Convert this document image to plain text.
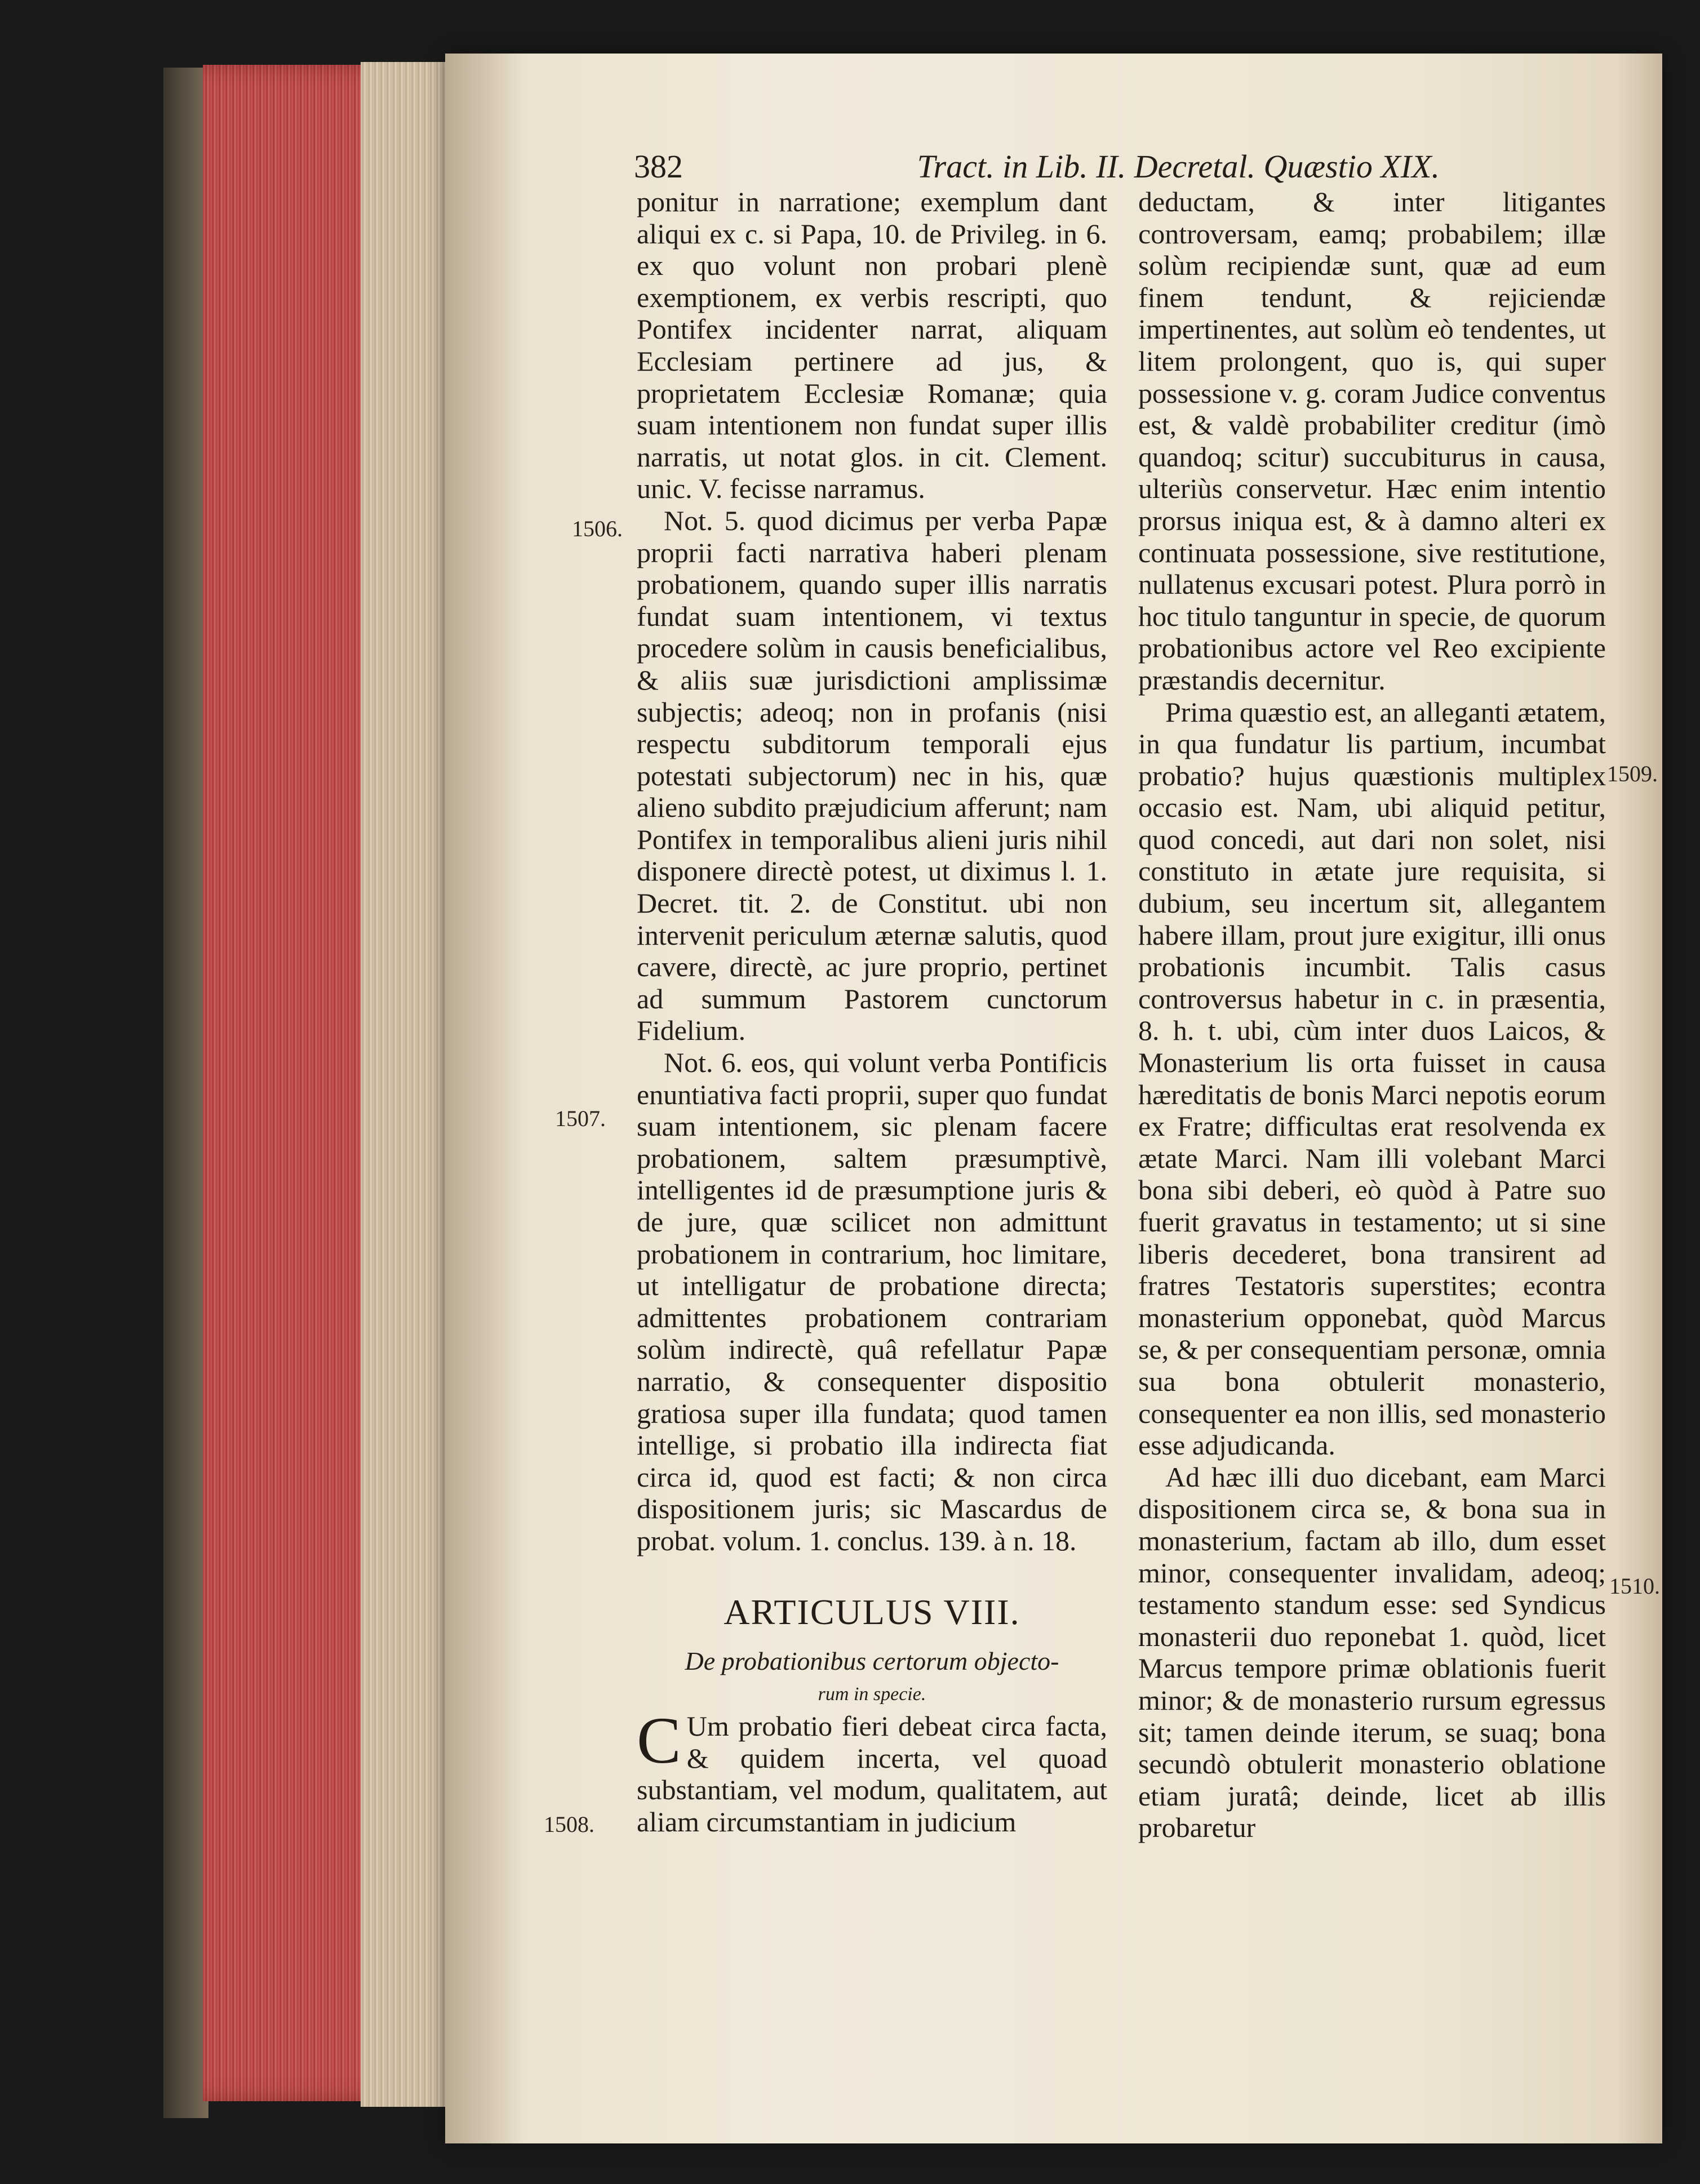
382	Tract. in Lib. II. Decretal. Quæstio XIX.
1506.
1507.
1508.
1509.
1510.

ponitur in narratione; exemplum dant aliqui ex c. si Papa, 10. de Privileg. in 6. ex quo volunt non probari plenè exemptionem, ex verbis rescripti, quo Pontifex incidenter narrat, aliquam Ecclesiam pertinere ad jus, & proprietatem Ecclesiæ Romanæ; quia suam intentionem non fundat super illis narratis, ut notat glos. in cit. Clement. unic. V. fecisse narramus.

Not. 5. quod dicimus per verba Papæ proprii facti narrativa haberi plenam probationem, quando super illis narratis fundat suam intentionem, vi textus procedere solùm in causis beneficialibus, & aliis suæ jurisdictioni amplissimæ subjectis; adeoq; non in profanis (nisi respectu subditorum temporali ejus potestati subjectorum) nec in his, quæ alieno subdito præjudicium afferunt; nam Pontifex in temporalibus alieni juris nihil disponere directè potest, ut diximus l. 1. Decret. tit. 2. de Constitut. ubi non intervenit periculum æternæ salutis, quod cavere, directè, ac jure proprio, pertinet ad summum Pastorem cunctorum Fidelium.

Not. 6. eos, qui volunt verba Pontificis enuntiativa facti proprii, super quo fundat suam intentionem, sic plenam facere probationem, saltem præsumptivè, intelligentes id de præsumptione juris & de jure, quæ scilicet non admittunt probationem in contrarium, hoc limitare, ut intelligatur de probatione directa; admittentes probationem contrariam solùm indirectè, quâ refellatur Papæ narratio, & consequenter dispositio gratiosa super illa fundata; quod tamen intellige, si probatio illa indirecta fiat circa id, quod est facti; & non circa dispositionem juris; sic Mascardus de probat. volum. 1. conclus. 139. à n. 18.

ARTICULUS VIII.
De probationibus certorum objecto-
rum in specie.

C Um probatio fieri debeat circa facta, & quidem incerta, vel quoad substantiam, vel modum, qualitatem, aut aliam circumstantiam in judicium

deductam, & inter litigantes controversam, eamq; probabilem; illæ solùm recipiendæ sunt, quæ ad eum finem tendunt, & rejiciendæ impertinentes, aut solùm eò tendentes, ut litem prolongent, quo is, qui super possessione v. g. coram Judice conventus est, & valdè probabiliter creditur (imò quandoq; scitur) succubiturus in causa, ulteriùs conservetur. Hæc enim intentio prorsus iniqua est, & à damno alteri ex continuata possessione, sive restitutione, nullatenus excusari potest. Plura porrò in hoc titulo tanguntur in specie, de quorum probationibus actore vel Reo excipiente præstandis decernitur.

Prima quæstio est, an alleganti ætatem, in qua fundatur lis partium, incumbat probatio? hujus quæstionis multiplex occasio est. Nam, ubi aliquid petitur, quod concedi, aut dari non solet, nisi constituto in ætate jure requisita, si dubium, seu incertum sit, allegantem habere illam, prout jure exigitur, illi onus probationis incumbit. Talis casus controversus habetur in c. in præsentia, 8. h. t. ubi, cùm inter duos Laicos, & Monasterium lis orta fuisset in causa hæreditatis de bonis Marci nepotis eorum ex Fratre; difficultas erat resolvenda ex ætate Marci. Nam illi volebant Marci bona sibi deberi, eò quòd à Patre suo fuerit gravatus in testamento; ut si sine liberis decederet, bona transirent ad fratres Testatoris superstites; econtra monasterium opponebat, quòd Marcus se, & per consequentiam personæ, omnia sua bona obtulerit monasterio, consequenter ea non illis, sed monasterio esse adjudicanda.

Ad hæc illi duo dicebant, eam Marci dispositionem circa se, & bona sua in monasterium, factam ab illo, dum esset minor, consequenter invalidam, adeoq; testamento standum esse: sed Syndicus monasterii duo reponebat 1. quòd, licet Marcus tempore primæ oblationis fuerit minor; & de monasterio rursum egressus sit; tamen deinde iterum, se suaq; bona secundò obtulerit monasterio oblatione etiam juratâ; deinde, licet ab illis probaretur
